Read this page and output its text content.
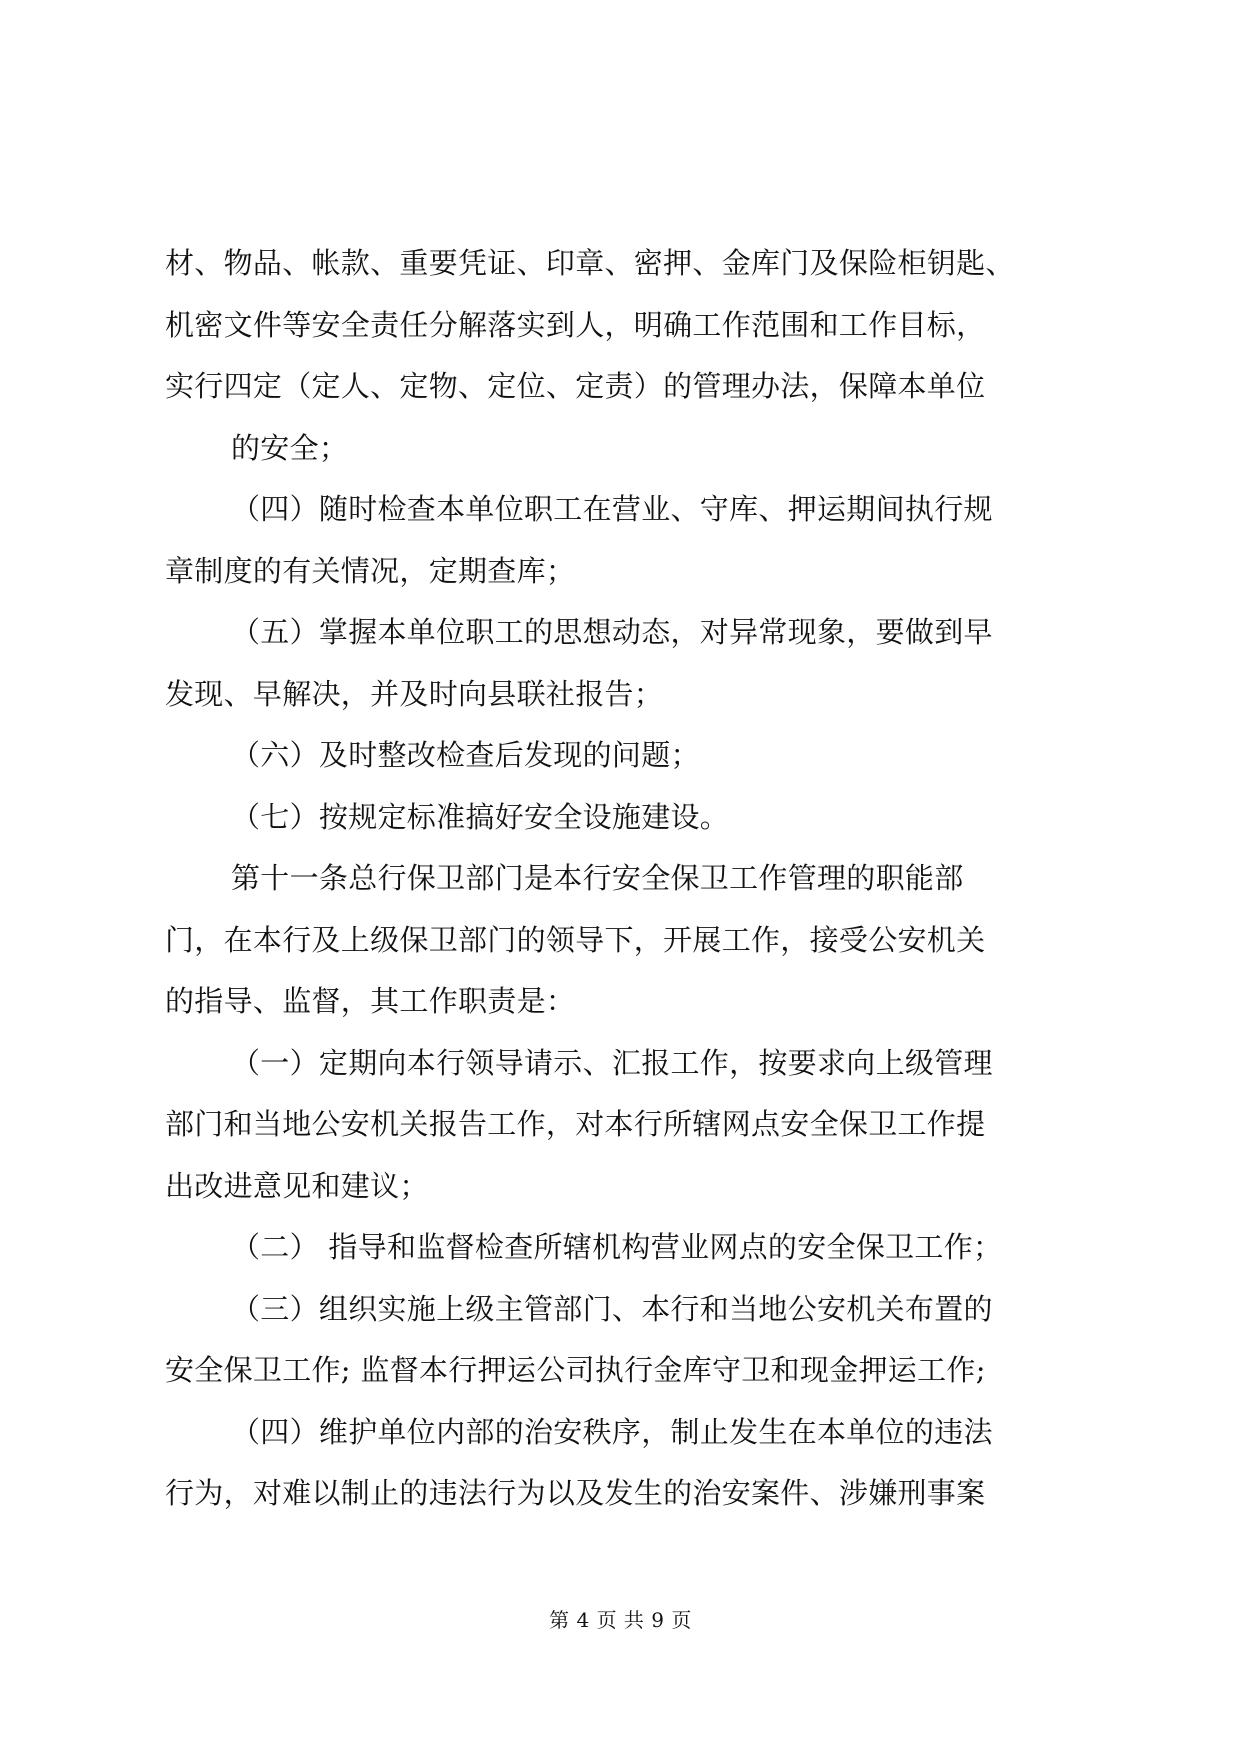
材、物品、帐款、重要凭证、印章、密押、金库门及保险柜钥匙、
机密文件等安全责任分解落实到人，明确工作范围和工作目标，
实行四定（定人、定物、定位、定责）的管理办法，保障本单位
的安全；
（四）随时检查本单位职工在营业、守库、押运期间执行规
章制度的有关情况，定期查库；
（五）掌握本单位职工的思想动态，对异常现象，要做到早
发现、早解决，并及时向县联社报告；
（六）及时整改检查后发现的问题；
（七）按规定标准搞好安全设施建设。
第十一条总行保卫部门是本行安全保卫工作管理的职能部
门，在本行及上级保卫部门的领导下，开展工作，接受公安机关
的指导、监督，其工作职责是：
（一）定期向本行领导请示、汇报工作，按要求向上级管理
部门和当地公安机关报告工作，对本行所辖网点安全保卫工作提
出改进意见和建议；
（二） 指导和监督检查所辖机构营业网点的安全保卫工作；
（三）组织实施上级主管部门、本行和当地公安机关布置的
安全保卫工作; 监督本行押运公司执行金库守卫和现金押运工作;
（四）维护单位内部的治安秩序，制止发生在本单位的违法
行为，对难以制止的违法行为以及发生的治安案件、涉嫌刑事案
第 4 页 共 9 页
